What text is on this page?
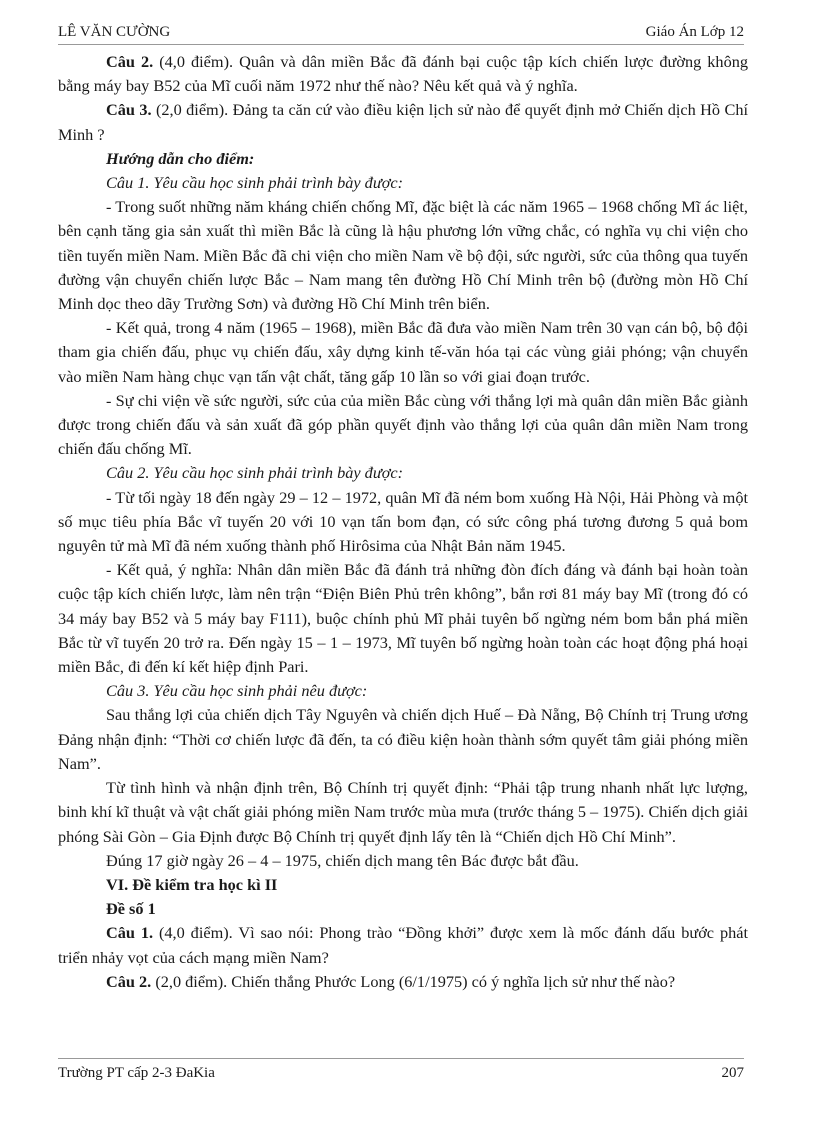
LÊ VĂN CƯỜNG	Giáo Án Lớp 12

Câu 2. (4,0 điểm). Quân và dân miền Bắc đã đánh bại cuộc tập kích chiến lược đường không bằng máy bay B52 của Mĩ cuối năm 1972 như thế nào? Nêu kết quả và ý nghĩa.

Câu 3. (2,0 điểm). Đảng ta căn cứ vào điều kiện lịch sử nào để quyết định mở Chiến dịch Hồ Chí Minh ?

Hướng dẫn cho điểm:

Câu 1. Yêu cầu học sinh phải trình bày được:

- Trong suốt những năm kháng chiến chống Mĩ, đặc biệt là các năm 1965 – 1968 chống Mĩ ác liệt, bên cạnh tăng gia sản xuất thì miền Bắc là cũng là hậu phương lớn vững chắc, có nghĩa vụ chi viện cho tiền tuyến miền Nam. Miền Bắc đã chi viện cho miền Nam về bộ đội, sức người, sức của thông qua tuyến đường vận chuyển chiến lược Bắc – Nam mang tên đường Hồ Chí Minh trên bộ (đường mòn Hồ Chí Minh dọc theo dãy Trường Sơn) và đường Hồ Chí Minh trên biển.

- Kết quả, trong 4 năm (1965 – 1968), miền Bắc đã đưa vào miền Nam trên 30 vạn cán bộ, bộ đội tham gia chiến đấu, phục vụ chiến đấu, xây dựng kinh tế-văn hóa tại các vùng giải phóng; vận chuyển vào miền Nam hàng chục vạn tấn vật chất, tăng gấp 10 lần so với giai đoạn trước.

- Sự chi viện về sức người, sức của của miền Bắc cùng với thắng lợi mà quân dân miền Bắc giành được trong chiến đấu và sản xuất đã góp phần quyết định vào thắng lợi của quân dân miền Nam trong chiến đấu chống Mĩ.

Câu 2. Yêu cầu học sinh phải trình bày được:

- Từ tối ngày 18 đến ngày 29 – 12 – 1972, quân Mĩ đã ném bom xuống Hà Nội, Hải Phòng và một số mục tiêu phía Bắc vĩ tuyến 20 với 10 vạn tấn bom đạn, có sức công phá tương đương 5 quả bom nguyên tử mà Mĩ đã ném xuống thành phố Hirôsima của Nhật Bản năm 1945.

- Kết quả, ý nghĩa: Nhân dân miền Bắc đã đánh trả những đòn đích đáng và đánh bại hoàn toàn cuộc tập kích chiến lược, làm nên trận “Điện Biên Phủ trên không”, bắn rơi 81 máy bay Mĩ (trong đó có 34 máy bay B52 và 5 máy bay F111), buộc chính phủ Mĩ phải tuyên bố ngừng ném bom bắn phá miền Bắc từ vĩ tuyến 20 trở ra. Đến ngày 15 – 1 – 1973, Mĩ tuyên bố ngừng hoàn toàn các hoạt động phá hoại miền Bắc, đi đến kí kết hiệp định Pari.

Câu 3. Yêu cầu học sinh phải nêu được:

Sau thắng lợi của chiến dịch Tây Nguyên và chiến dịch Huế – Đà Nẵng, Bộ Chính trị Trung ương Đảng nhận định: “Thời cơ chiến lược đã đến, ta có điều kiện hoàn thành sớm quyết tâm giải phóng miền Nam”.

Từ tình hình và nhận định trên, Bộ Chính trị quyết định: “Phải tập trung nhanh nhất lực lượng, binh khí kĩ thuật và vật chất giải phóng miền Nam trước mùa mưa (trước tháng 5 – 1975). Chiến dịch giải phóng Sài Gòn – Gia Định được Bộ Chính trị quyết định lấy tên là “Chiến dịch Hồ Chí Minh”.

Đúng 17 giờ ngày 26 – 4 – 1975, chiến dịch mang tên Bác được bắt đầu.

VI. Đề kiểm tra học kì II

Đề số 1

Câu 1. (4,0 điểm). Vì sao nói: Phong trào “Đồng khởi” được xem là mốc đánh dấu bước phát triển nhảy vọt của cách mạng miền Nam?

Câu 2. (2,0 điểm). Chiến thắng Phước Long (6/1/1975) có ý nghĩa lịch sử như thế nào?

Trường PT cấp 2-3 ĐaKia	207
